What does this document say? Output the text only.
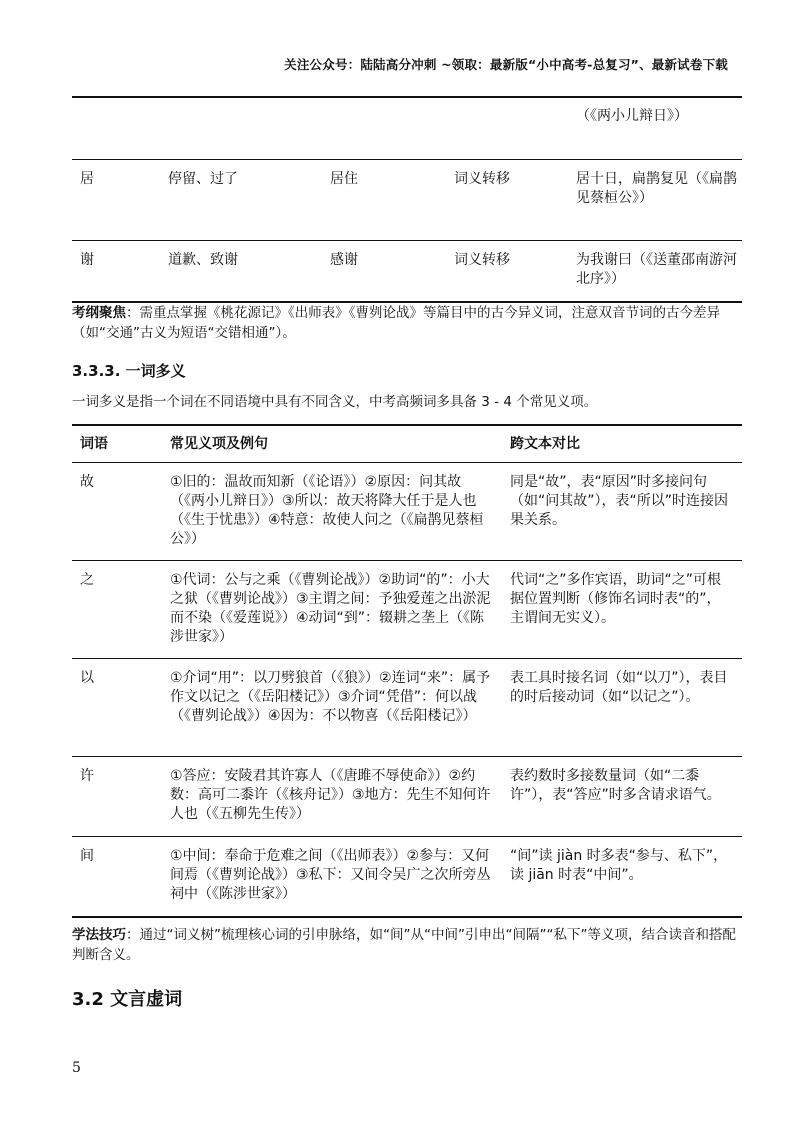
关注公众号：陆陆高分冲刺 ~领取：最新版“小中高考-总复习”、最新试卷下载
				（《两小儿辩日》）
居	停留、过了	居住	词义转移	居十日，扁鹊复见（《扁鹊见蔡桓公》）
谢	道歉、致谢	感谢	词义转移	为我谢曰（《送董邵南游河北序》）
考纲聚焦：需重点掌握《桃花源记》《出师表》《曹刿论战》等篇目中的古今异义词，注意双音节词的古今差异（如“交通”古义为短语“交错相通”）。
3.3.3. 一词多义
一词多义是指一个词在不同语境中具有不同含义，中考高频词多具备 3 - 4 个常见义项。
词语	常见义项及例句	跨文本对比
故	①旧的：温故而知新（《论语》）②原因：问其故（《两小儿辩日》）③所以：故天将降大任于是人也（《生于忧患》）④特意：故使人问之（《扁鹊见蔡桓公》）	同是“故”，表“原因”时多接问句（如“问其故”），表“所以”时连接因果关系。
之	①代词：公与之乘（《曹刿论战》）②助词“的”：小大之狱（《曹刿论战》）③主谓之间：予独爱莲之出淤泥而不染（《爱莲说》）④动词“到”：辍耕之垄上（《陈涉世家》）	代词“之”多作宾语，助词“之”可根据位置判断（修饰名词时表“的”，主谓间无实义）。
以	①介词“用”：以刀劈狼首（《狼》）②连词“来”：属予作文以记之（《岳阳楼记》）③介词“凭借”：何以战（《曹刿论战》）④因为：不以物喜（《岳阳楼记》）	表工具时接名词（如“以刀”），表目的时后接动词（如“以记之”）。
许	①答应：安陵君其许寡人（《唐雎不辱使命》）②约数：高可二黍许（《核舟记》）③地方：先生不知何许人也（《五柳先生传》）	表约数时多接数量词（如“二黍许”），表“答应”时多含请求语气。
间	①中间：奉命于危难之间（《出师表》）②参与：又何间焉（《曹刿论战》）③私下：又间令吴广之次所旁丛祠中（《陈涉世家》）	“间”读 jiàn 时多表“参与、私下”，读 jiān 时表“中间”。
学法技巧：通过“词义树”梳理核心词的引申脉络，如“间”从“中间”引申出“间隔”“私下”等义项，结合读音和搭配判断含义。
3.2 文言虚词
5
